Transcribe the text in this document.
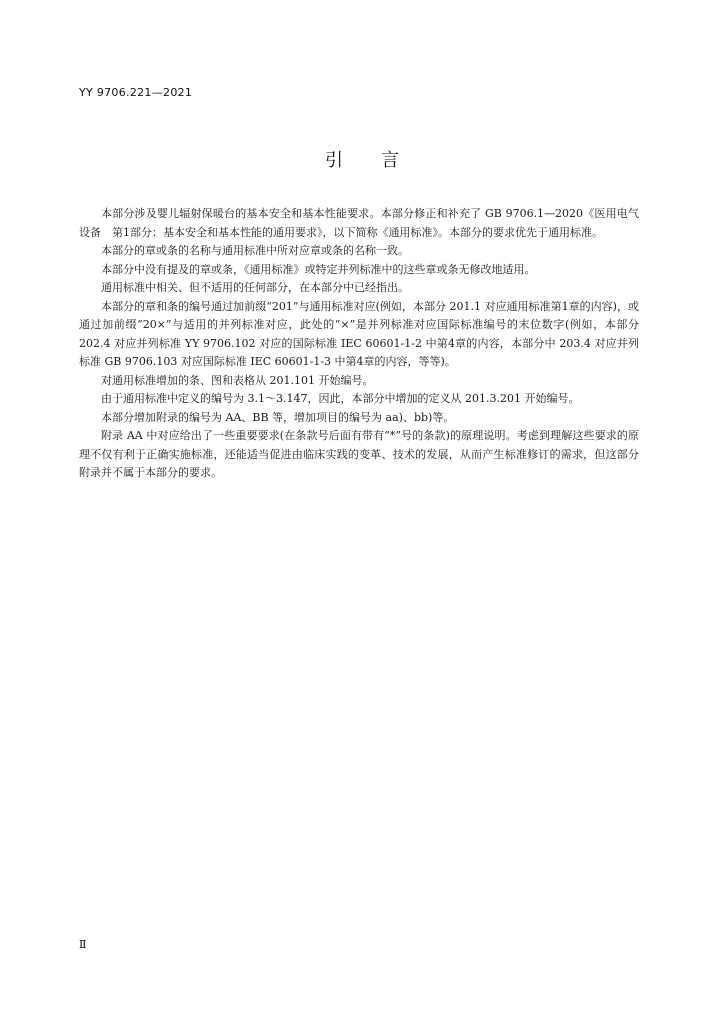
YY 9706.221—2021
引言

本部分涉及婴儿辐射保暖台的基本安全和基本性能要求。本部分修正和补充了 GB 9706.1—2020《医用电气设备　第1部分：基本安全和基本性能的通用要求》，以下简称《通用标准》。本部分的要求优先于通用标准。

本部分的章或条的名称与通用标准中所对应章或条的名称一致。

本部分中没有提及的章或条，《通用标准》或特定并列标准中的这些章或条无修改地适用。

通用标准中相关、但不适用的任何部分，在本部分中已经指出。

本部分的章和条的编号通过加前缀“201”与通用标准对应(例如，本部分 201.1 对应通用标准第1章的内容)，或通过加前缀“20×”与适用的并列标准对应，此处的“×”是并列标准对应国际标准编号的末位数字(例如，本部分 202.4 对应并列标准 YY 9706.102 对应的国际标准 IEC 60601-1-2 中第4章的内容，本部分中 203.4 对应并列标准 GB 9706.103 对应国际标准 IEC 60601-1-3 中第4章的内容，等等)。

对通用标准增加的条、图和表格从 201.101 开始编号。

由于通用标准中定义的编号为 3.1～3.147，因此，本部分中增加的定义从 201.3.201 开始编号。

本部分增加附录的编号为 AA、BB 等，增加项目的编号为 aa)、bb)等。

附录 AA 中对应给出了一些重要要求(在条款号后面有带有“*”号的条款)的原理说明。考虑到理解这些要求的原理不仅有利于正确实施标准，还能适当促进由临床实践的变革、技术的发展，从而产生标准修订的需求，但这部分附录并不属于本部分的要求。

Ⅱ
